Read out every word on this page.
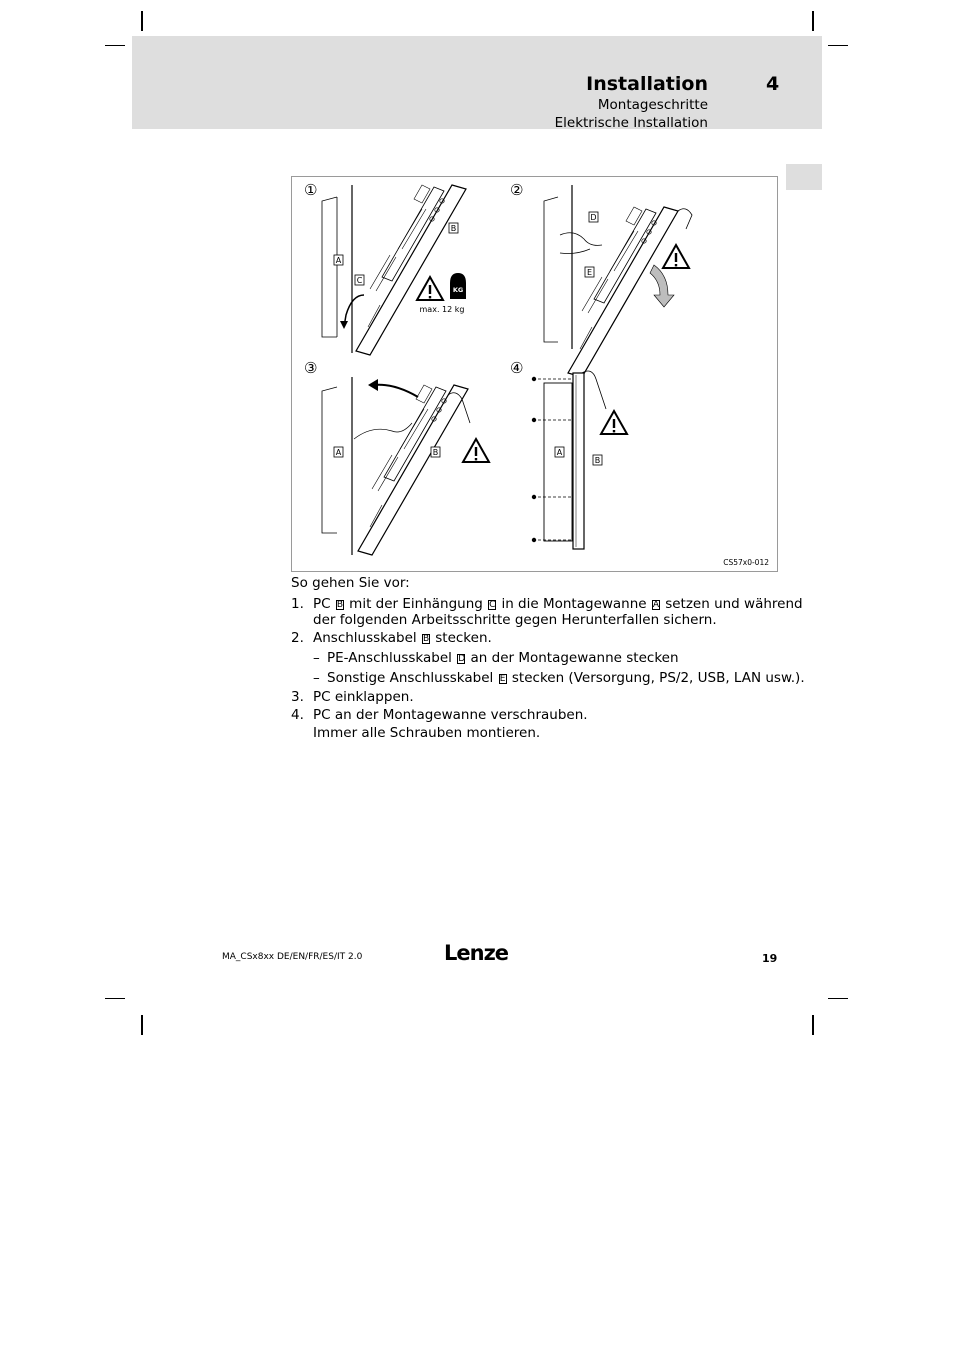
Installation	4
Montageschritte
Elektrische Installation
①
A
C
B
KG
max. 12 kg
②
D
E
③
A	B
④
A
B
CS57x0-012
So gehen Sie vor:
1. PC B mit der Einhängung C in die Montagewanne A setzen und während
der folgenden Arbeitsschritte gegen Herunterfallen sichern.
2. Anschlusskabel B stecken.
– PE-Anschlusskabel D an der Montagewanne stecken
– Sonstige Anschlusskabel E stecken (Versorgung, PS/2, USB, LAN usw.).
3. PC einklappen.
4. PC an der Montagewanne verschrauben.
Immer alle Schrauben montieren.
MA_CSx8xx DE/EN/FR/ES/IT 2.0	Lenze	19
